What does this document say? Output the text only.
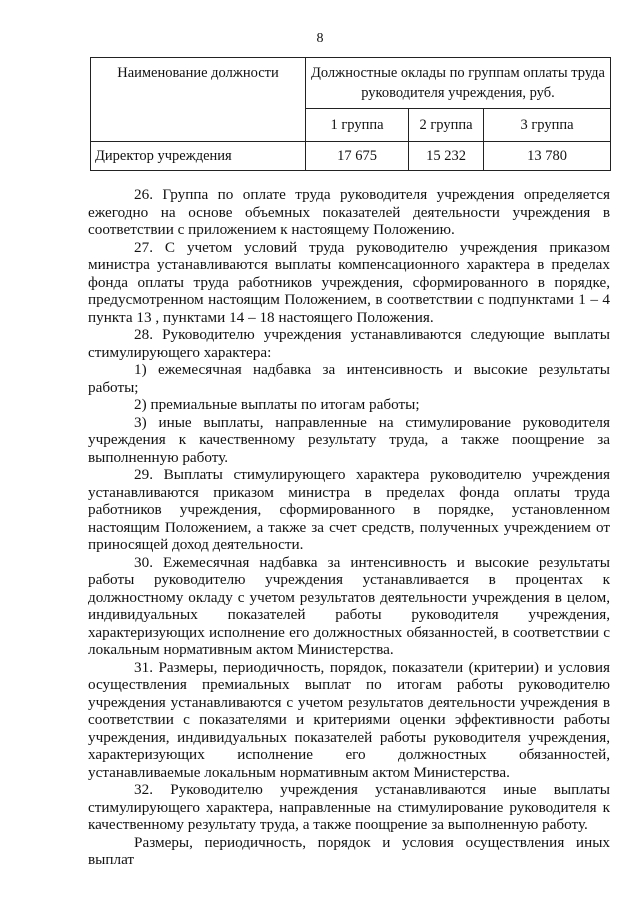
8
Наименование должности	Должностные оклады по группам оплаты труда руководителя учреждения, руб.		
	1 группа	2 группа	3 группа
Директор учреждения	17 675	15 232	13 780

26. Группа по оплате труда руководителя учреждения определяется ежегодно на основе объемных показателей деятельности учреждения в соответствии с приложением к настоящему Положению.

27. С учетом условий труда руководителю учреждения приказом министра устанавливаются выплаты компенсационного характера в пределах фонда оплаты труда работников учреждения, сформированного в порядке, предусмотренном настоящим Положением, в соответствии с подпунктами 1 – 4 пункта 13 , пунктами 14 – 18 настоящего Положения.

28. Руководителю учреждения устанавливаются следующие выплаты стимулирующего характера:

1) ежемесячная надбавка за интенсивность и высокие результаты работы;

2) премиальные выплаты по итогам работы;

3) иные выплаты, направленные на стимулирование руководителя учреждения к качественному результату труда, а также поощрение за выполненную работу.

29. Выплаты стимулирующего характера руководителю учреждения устанавливаются приказом министра в пределах фонда оплаты труда работников учреждения, сформированного в порядке, установленном настоящим Положением, а также за счет средств, полученных учреждением от приносящей доход деятельности.

30. Ежемесячная надбавка за интенсивность и высокие результаты работы руководителю учреждения устанавливается в процентах к должностному окладу с учетом результатов деятельности учреждения в целом, индивидуальных показателей работы руководителя учреждения, характеризующих исполнение его должностных обязанностей, в соответствии с локальным нормативным актом Министерства.

31. Размеры, периодичность, порядок, показатели (критерии) и условия осуществления премиальных выплат по итогам работы руководителю учреждения устанавливаются с учетом результатов деятельности учреждения в соответствии с показателями и критериями оценки эффективности работы учреждения, индивидуальных показателей работы руководителя учреждения, характеризующих исполнение его должностных обязанностей, устанавливаемые локальным нормативным актом Министерства.

32. Руководителю учреждения устанавливаются иные выплаты стимулирующего характера, направленные на стимулирование руководителя к качественному результату труда, а также поощрение за выполненную работу.

Размеры, периодичность, порядок и условия осуществления иных выплат
